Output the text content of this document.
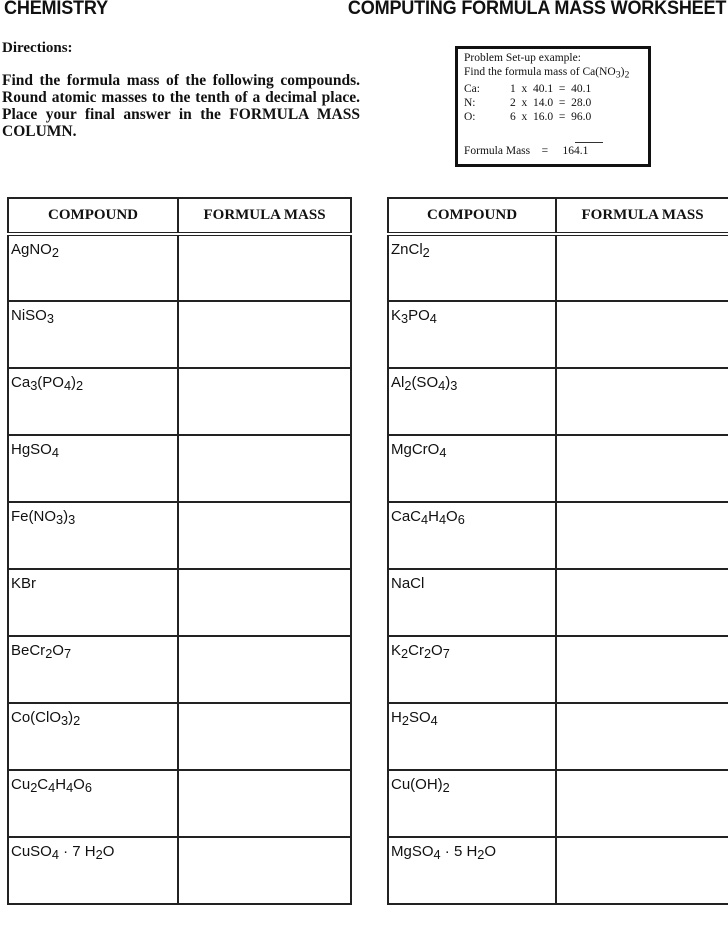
CHEMISTRY	COMPUTING FORMULA MASS WORKSHEET
Directions:
Find the formula mass of the following compounds. Round atomic masses to the tenth of a decimal place. Place your final answer in the FORMULA MASS COLUMN.
Problem Set-up example:
Find the formula mass of $Ca(NO_3)_2$
Ca:	1  x  40.1  =  40.1
N:	2  x  14.0  =  28.0
O:	6  x  16.0  =  96.0
Formula Mass    = 164.1
COMPOUND	FORMULA MASS
AgNO$_2$	
NiSO$_3$	
$Ca_3(PO_4)_2$	
HgSO$_4$	
$Fe(NO_3)_3$	
KBr	
$BeCr_2O_7$	
$Co(ClO_3)_2$	
$Cu_2C_4H_4O_6$	
CuSO$_4$ · 7 $H_2O$	
COMPOUND	FORMULA MASS
ZnCl$_2$	
$K_3PO_4$	
$Al_2(SO_4)_3$	
MgCrO$_4$	
$CaC_4H_4O_6$	
NaCl	
$K_2Cr_2O_7$	
$H_2SO_4$	
$Cu(OH)_2$	
MgSO$_4$ · 5 $H_2O$	
